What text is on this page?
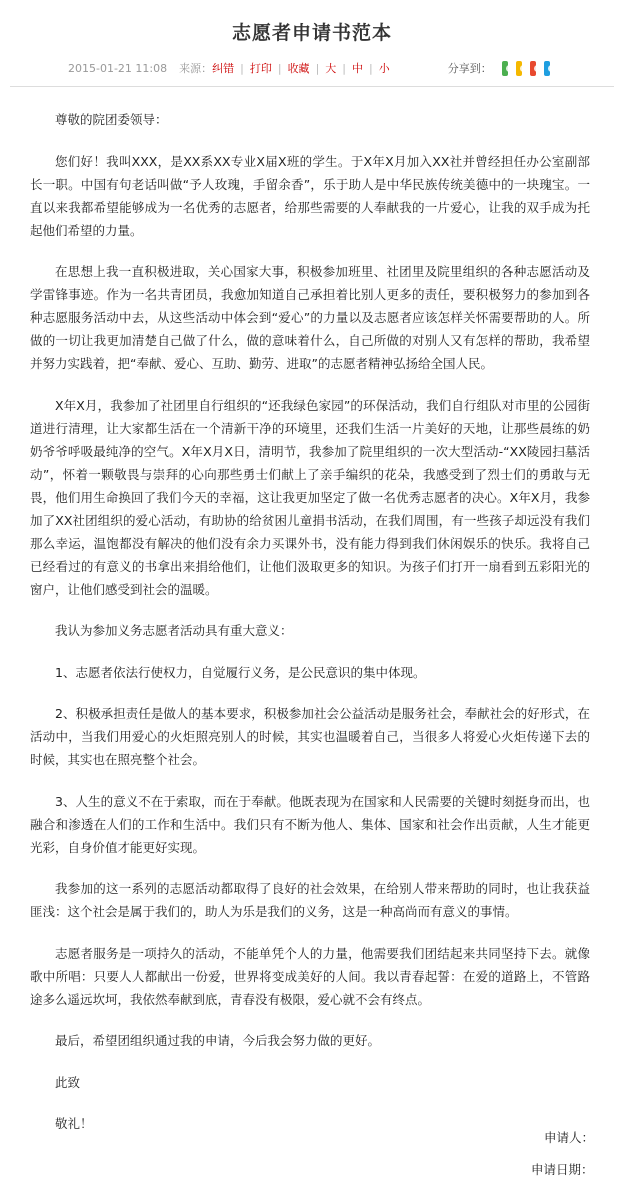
志愿者申请书范本
2015-01-21 11:08 来源： 纠错 | 打印 | 收藏 | 大 | 中 | 小	分享到：

尊敬的院团委领导：

您们好！我叫XXX，是XX系XX专业X届X班的学生。于X年X月加入XX社并曾经担任办公室副部长一职。中国有句老话叫做“予人玫瑰，手留余香”，乐于助人是中华民族传统美德中的一块瑰宝。一直以来我都希望能够成为一名优秀的志愿者，给那些需要的人奉献我的一片爱心，让我的双手成为托起他们希望的力量。

在思想上我一直积极进取，关心国家大事，积极参加班里、社团里及院里组织的各种志愿活动及学雷锋事迹。作为一名共青团员，我愈加知道自己承担着比别人更多的责任，要积极努力的参加到各种志愿服务活动中去，从这些活动中体会到“爱心”的力量以及志愿者应该怎样关怀需要帮助的人。所做的一切让我更加清楚自己做了什么，做的意味着什么，自己所做的对别人又有怎样的帮助，我希望并努力实践着，把“奉献、爱心、互助、勤劳、进取”的志愿者精神弘扬给全国人民。

X年X月，我参加了社团里自行组织的“还我绿色家园”的环保活动，我们自行组队对市里的公园街道进行清理，让大家都生活在一个清新干净的环境里，还我们生活一片美好的天地，让那些晨练的奶奶爷爷呼吸最纯净的空气。X年X月X日，清明节，我参加了院里组织的一次大型活动-“XX陵园扫墓活动”，怀着一颗敬畏与崇拜的心向那些勇士们献上了亲手编织的花朵，我感受到了烈士们的勇敢与无畏，他们用生命换回了我们今天的幸福，这让我更加坚定了做一名优秀志愿者的决心。X年X月，我参加了XX社团组织的爱心活动，有助协的给贫困儿童捐书活动，在我们周围，有一些孩子却远没有我们那么幸运，温饱都没有解决的他们没有余力买课外书，没有能力得到我们休闲娱乐的快乐。我将自己已经看过的有意义的书拿出来捐给他们，让他们汲取更多的知识。为孩子们打开一扇看到五彩阳光的窗户，让他们感受到社会的温暖。

我认为参加义务志愿者活动具有重大意义：

1、志愿者依法行使权力，自觉履行义务，是公民意识的集中体现。

2、积极承担责任是做人的基本要求，积极参加社会公益活动是服务社会，奉献社会的好形式，在活动中，当我们用爱心的火炬照亮别人的时候，其实也温暖着自己，当很多人将爱心火炬传递下去的时候，其实也在照亮整个社会。

3、人生的意义不在于索取，而在于奉献。他既表现为在国家和人民需要的关键时刻挺身而出，也融合和渗透在人们的工作和生活中。我们只有不断为他人、集体、国家和社会作出贡献，人生才能更光彩，自身价值才能更好实现。

我参加的这一系列的志愿活动都取得了良好的社会效果，在给别人带来帮助的同时，也让我获益匪浅：这个社会是属于我们的，助人为乐是我们的义务，这是一种高尚而有意义的事情。

志愿者服务是一项持久的活动，不能单凭个人的力量，他需要我们团结起来共同坚持下去。就像歌中所唱：只要人人都献出一份爱，世界将变成美好的人间。我以青春起誓：在爱的道路上，不管路途多么遥远坎坷，我依然奉献到底，青春没有极限，爱心就不会有终点。

最后，希望团组织通过我的申请，今后我会努力做的更好。

此致

敬礼！

申请人：
申请日期：
